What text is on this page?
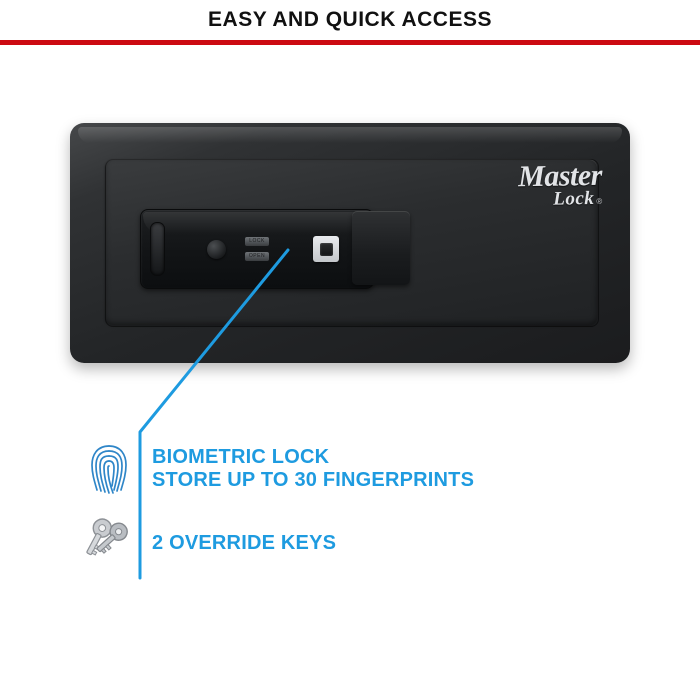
EASY AND QUICK ACCESS
Master
Lock ®
LOCK
OPEN
BIOMETRIC LOCK
STORE UP TO 30 FINGERPRINTS
2 OVERRIDE KEYS
